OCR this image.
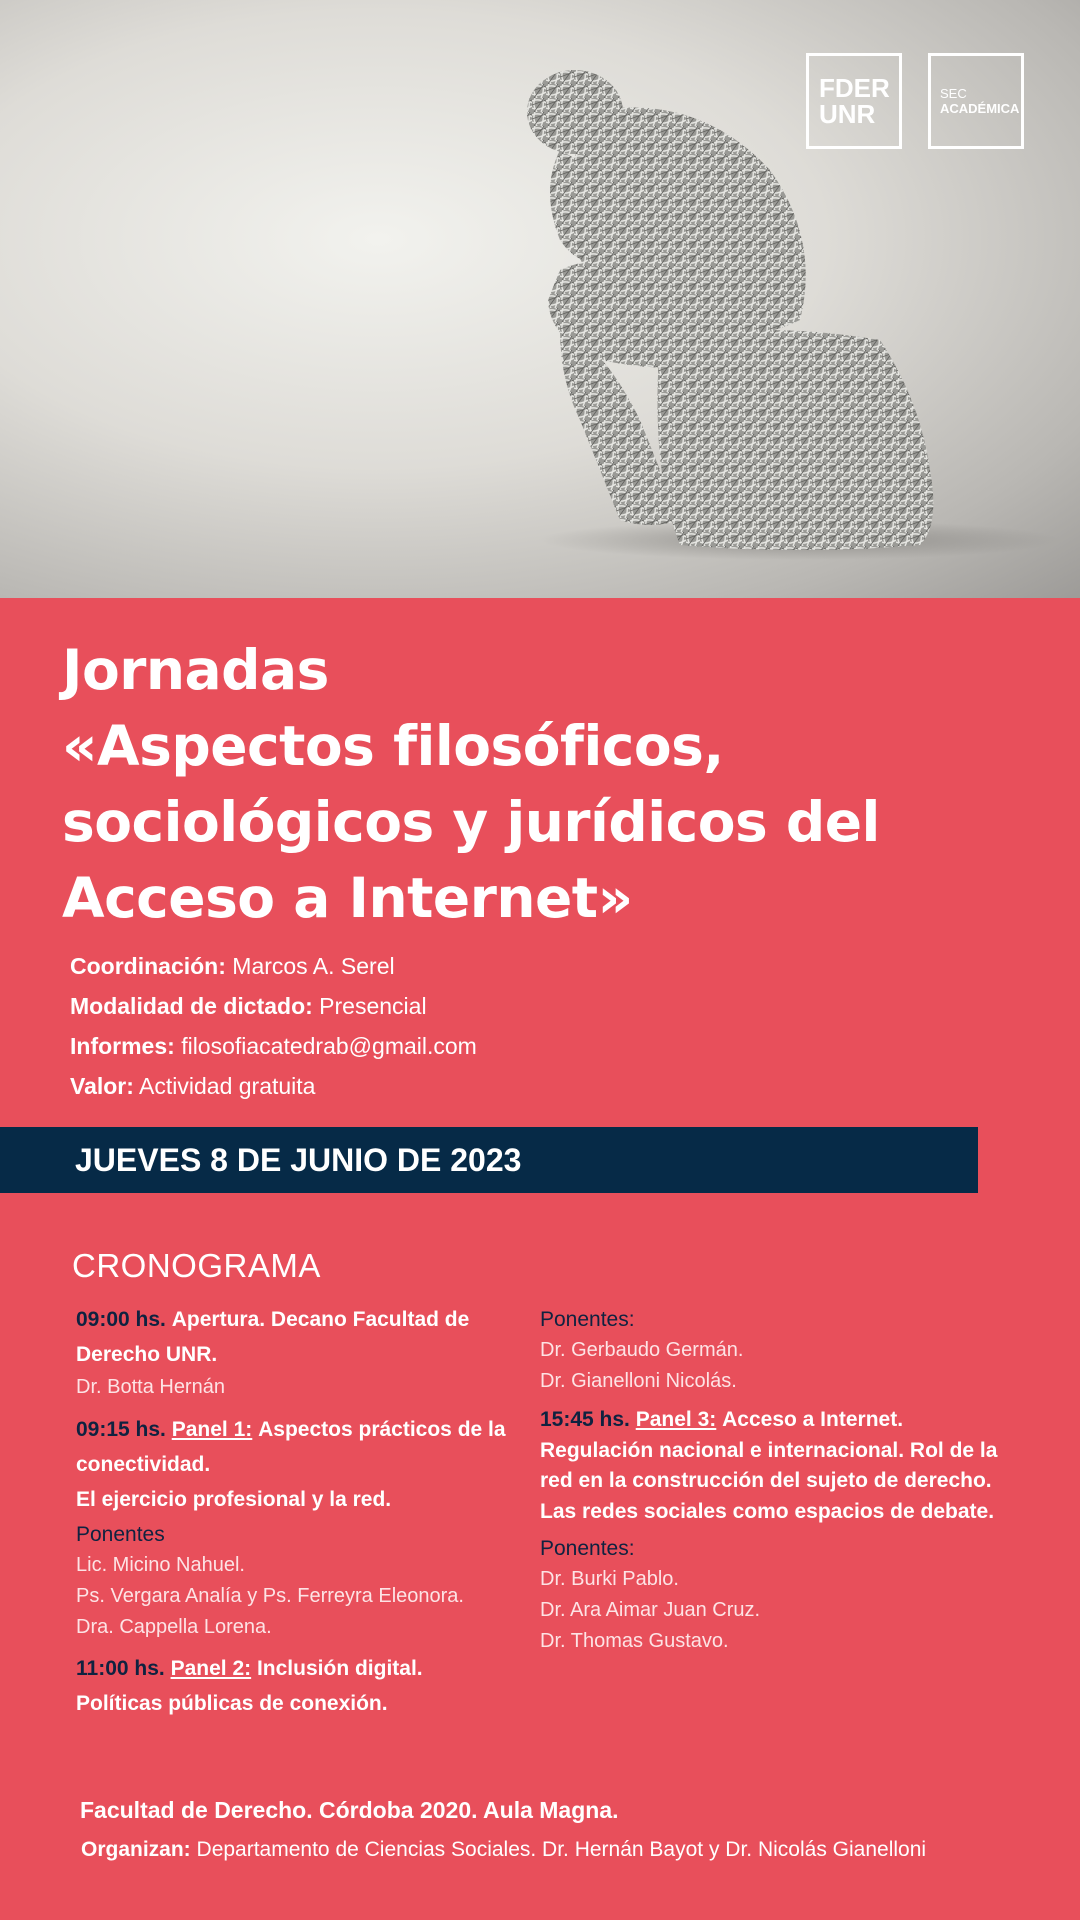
FDER
UNR
SEC
ACADÉMICA
Jornadas
«Aspectos filosóficos,
sociológicos y jurídicos del
Acceso a Internet»
Coordinación: Marcos A. Serel
Modalidad de dictado: Presencial
Informes: filosofiacatedrab@gmail.com
Valor: Actividad gratuita
JUEVES 8 DE JUNIO DE 2023
CRONOGRAMA
09:00 hs. Apertura. Decano Facultad de
Derecho UNR.
Dr. Botta Hernán
09:15 hs. Panel 1: Aspectos prácticos de la
conectividad.
El ejercicio profesional y la red.
Ponentes
Lic. Micino Nahuel.
Ps. Vergara Analía y Ps. Ferreyra Eleonora.
Dra. Cappella Lorena.
11:00 hs. Panel 2: Inclusión digital.
Políticas públicas de conexión.
Ponentes:
Dr. Gerbaudo Germán.
Dr. Gianelloni Nicolás.
15:45 hs. Panel 3: Acceso a Internet.
Regulación nacional e internacional. Rol de la
red en la construcción del sujeto de derecho.
Las redes sociales como espacios de debate.
Ponentes:
Dr. Burki Pablo.
Dr. Ara Aimar Juan Cruz.
Dr. Thomas Gustavo.
Facultad de Derecho. Córdoba 2020. Aula Magna.
Organizan: Departamento de Ciencias Sociales. Dr. Hernán Bayot y Dr. Nicolás Gianelloni
